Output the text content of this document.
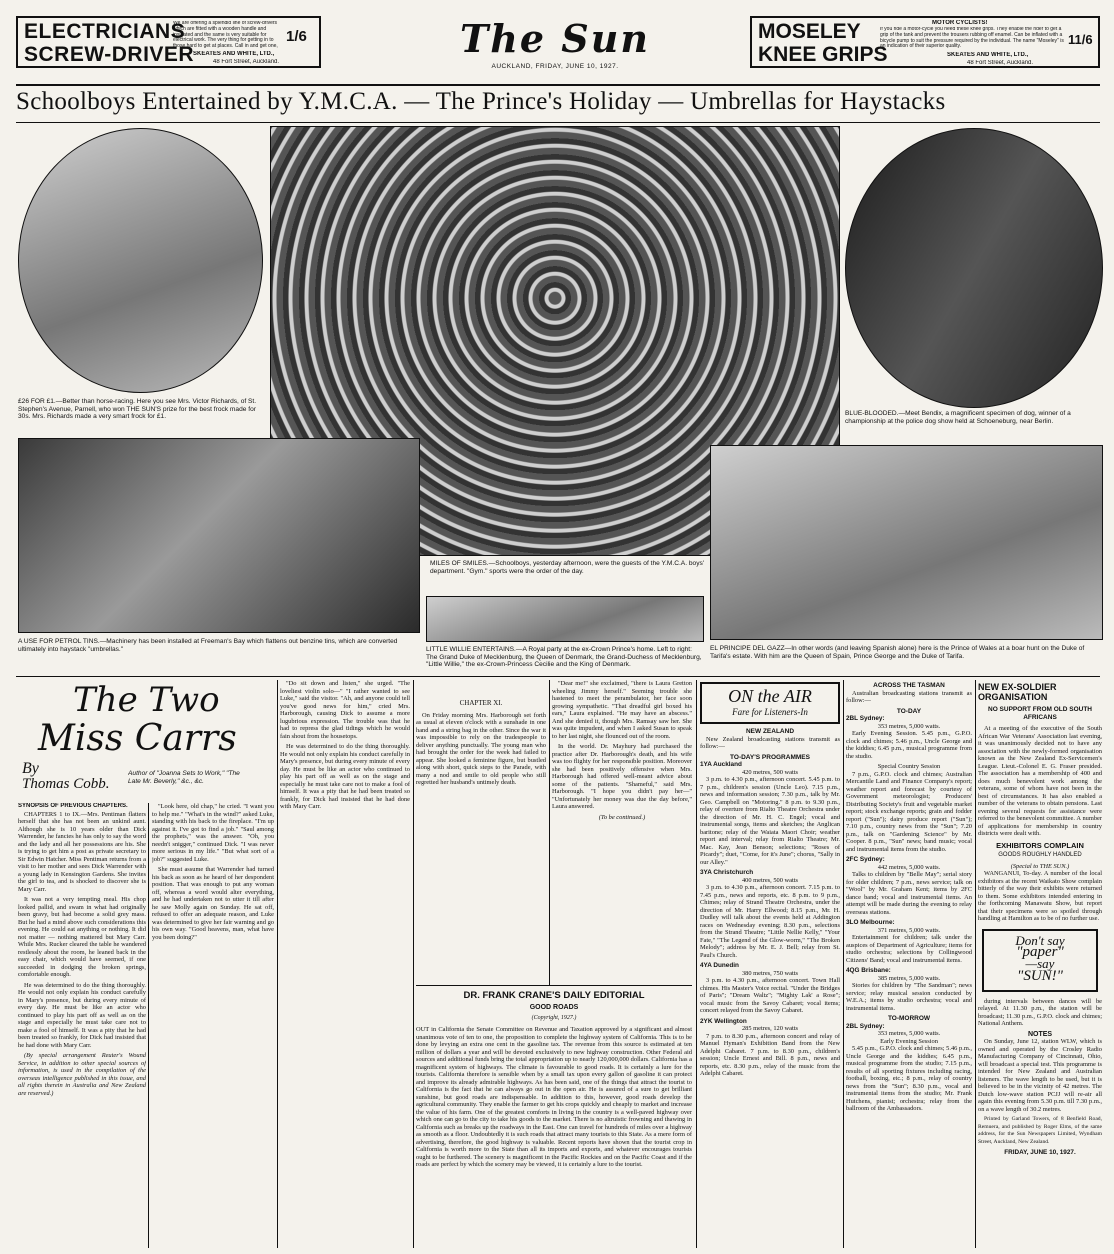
ELECTRICIANS
SCREW-DRIVER
We are offering a splendid line of screw-drivers which are fitted with a wooden handle and insulated and the same is very suitable for electrical work. The very thing for getting in to those hard to get at places. Call in and get one,
1/6
SKEATES AND WHITE, LTD.,
48 Fort Street, Auckland.
The Sun
AUCKLAND, FRIDAY, JUNE 10, 1927.
MOSELEY
KNEE GRIPS
MOTOR CYCLISTS!
If you ride a motor-cycle you need these knee grips. They enable the rider to get a grip of the tank and prevent the trousers rubbing off enamel. Can be inflated with a bicycle pump to suit the pressure required by the individual. The name "Moseley" is an indication of their superior quality.	11/6
SKEATES AND WHITE, LTD.,
48 Fort Street, Auckland.
Schoolboys Entertained by Y.M.C.A. — The Prince's Holiday — Umbrellas for Haystacks
£26 FOR £1.—Better than horse-racing. Here you see Mrs. Victor Richards, of St. Stephen's Avenue, Parnell, who won THE SUN'S prize for the best frock made for 30s. Mrs. Richards made a very smart frock for £1.
MILES OF SMILES.—Schoolboys, yesterday afternoon, were the guests of the Y.M.C.A. boys' department. "Gym." sports were the order of the day.
BLUE-BLOODED.—Meet Bendix, a magnificent specimen of dog, winner of a championship at the police dog show held at Schoeneburg, near Berlin.
A USE FOR PETROL TINS.—Machinery has been installed at Freeman's Bay which flattens out benzine tins, which are converted ultimately into haystack "umbrellas."	LITTLE WILLIE ENTERTAINS.—A Royal party at the ex-Crown Prince's home. Left to right: The Grand Duke of Mecklenburg, the Queen of Denmark, the Grand-Duchess of Mecklenburg, "Little Willie," the ex-Crown-Princess Cecilie and the King of Denmark.
EL PRINCIPE DEL GAZZ—In other words (and leaving Spanish alone) here is the Prince of Wales at a boar hunt on the Duke of Tarifa's estate. With him are the Queen of Spain, Prince George and the Duke of Tarifa.
The Two
Miss Carrs
By
Thomas Cobb.
Author of "Joanna Sets to Work," "The Late Mr. Beverly," &c., &c.
SYNOPSIS OF PREVIOUS CHAPTERS.

CHAPTERS 1 to IX.—Mrs. Pentiman flatters herself that she has not been an unkind aunt. Although she is 10 years older than Dick Warrender, he fancies he has only to say the word and the lady and all her possessions are his. She is trying to get him a post as private secretary to Sir Edwin Hatcher. Miss Pentiman returns from a visit to her mother and sees Dick Warrender with a young lady in Kensington Gardens. She invites the girl to tea, and is shocked to discover she is Mary Carr.

It was not a very tempting meal. His chop looked pallid, and swam in what had originally been gravy, but had become a solid grey mass. But he had a mind above such considerations this evening. He could eat anything or nothing. It did not matter — nothing mattered but Mary Carr. While Mrs. Rucker cleared the table he wandered restlessly about the room, he leaned back in the easy chair, which would have seemed, if one succeeded in dodging the broken springs, comfortable enough.

He was determined to do the thing thoroughly. He would not only explain his conduct carefully in Mary's presence, but during every minute of every day. He must be like an actor who continued to play his part off as well as on the stage and especially he must take care not to make a fool of himself. It was a pity that he had been treated so frankly, for Dick had insisted that he had done with Mary Carr.

(By special arrangement Reuter's Wound Service, in addition to other special sources of information, is used in the compilation of the overseas intelligence published in this issue, and all rights therein in Australia and New Zealand are reserved.)

"Look here, old chap," he cried. "I want you to help me." "What's in the wind?" asked Luke, standing with his back to the fireplace. "I'm up against it. I've got to find a job." "Saul among the prophets," was the answer. "Oh, you needn't snigger," continued Dick. "I was never more serious in my life." "But what sort of a job?" suggested Luke.

She must assume that Warrender had turned his back as soon as he heard of her despondent position. That was enough to put any woman off, whereas a word would alter everything, and he had undertaken not to utter it till after he saw Molly again on Sunday. He sat off, refused to offer an adequate reason, and Luke was determined to give her fair warning and go his own way. "Good heavens, man, what have you been doing?"

"Do sit down and listen," she urged. "The loveliest violin solo—" "I rather wanted to see Luke," said the visitor. "Ah, and anyone could tell you've good news for him," cried Mrs. Harborough, causing Dick to assume a more lugubrious expression. The trouble was that he had to repress the glad tidings which he would fain shout from the housetops.

He was determined to do the thing thoroughly. He would not only explain his conduct carefully in Mary's presence, but during every minute of every day. He must be like an actor who continued to play his part off as well as on the stage and especially he must take care not to make a fool of himself. It was a pity that he had been treated so frankly, for Dick had insisted that he had done with Mary Carr.

CHAPTER XI.

On Friday morning Mrs. Harborough set forth as usual at eleven o'clock with a sunshade in one hand and a string bag in the other. Since the war it was impossible to rely on the tradespeople to deliver anything punctually. The young man who had brought the order for the week had failed to appear. She looked a feminine figure, but bustled along with short, quick steps to the Parade, with many a nod and smile to old people who still regretted her husband's untimely death.

"Dear me!" she exclaimed, "there is Laura Gretton wheeling Jimmy herself." Seeming trouble she hastened to meet the perambulator, her face soon growing sympathetic. "That dreadful girl boxed his ears," Laura explained. "He may have an abscess." And she denied it, though Mrs. Ramsay saw her. She was quite impudent, and when I asked Susan to speak to her last night, she flounced out of the room.

In the world. Dr. Mayhury had purchased the practice after Dr. Harborough's death, and his wife was too flighty for her responsible position. Moreover she had been positively offensive when Mrs. Harborough had offered well-meant advice about some of the patients. "Shameful," said Mrs. Harborough. "I hope you didn't pay her—" "Unfortunately her money was due the day before," Laura answered.

(To be continued.)
DR. FRANK CRANE'S DAILY EDITORIAL
GOOD ROADS
(Copyright, 1927.)
OUT in California the Senate Committee on Revenue and Taxation approved by a significant and almost unanimous vote of ten to one, the proposition to complete the highway system of California. This is to be done by levying an extra one cent in the gasoline tax. The revenue from this source is estimated at ten million of dollars a year and will be devoted exclusively to new highway construction. Other Federal aid sources and additional funds bring the total appropriation up to nearly 120,000,000 dollars. California has a magnificent system of highways. The climate is favourable to good roads. It is certainly a lure for the tourists. California therefore is sensible when by a small tax upon every gallon of gasoline it can protect and improve its already admirable highways. As has been said, one of the things that attract the tourist to California is the fact that he can always go out in the open air. He is assured of a sure to get brilliant sunshine, but good roads are indispensable. In addition to this, however, good roads develop the agricultural community. They enable the farmer to get his crops quickly and cheaply to market and increase the value of his farm. One of the greatest comforts in living in the country is a well-paved highway over which one can go to the city to take his goods to the market. There is no altruistic frowning and thawing in California such as breaks up the roadways in the East. One can travel for hundreds of miles over a highway as smooth as a floor. Undoubtedly it is such roads that attract many tourists to this State. As a mere form of advertising, therefore, the good highway is valuable. Recent reports have shown that the tourist crop in California is worth more to the State than all its imports and exports, and whatever encourages tourists ought to be furthered. The scenery is magnificent in the Pacific Rockies and on the Pacific Coast and if the roads are perfect by which the scenery may be viewed, it is certainly a lure to the tourist.
ON the AIR
Fare for Listeners-In
NEW ZEALAND

New Zealand broadcasting stations transmit as follow:—

TO-DAY'S PROGRAMMES
1YA Auckland
420 metres, 500 watts

3 p.m. to 4.30 p.m., afternoon concert. 5.45 p.m. to 7 p.m., children's session (Uncle Leo). 7.15 p.m., news and information session; 7.30 p.m., talk by Mr. Geo. Campbell on "Motoring." 8 p.m. to 9.30 p.m., relay of overture from Rialto Theatre Orchestra under the direction of Mr. H. C. Engel; vocal and instrumental songs, items and sketches; the Anglican baritone; relay of the Waiata Maori Choir; weather report and interval; relay from Rialto Theatre; Mr. Mac. Kay, Jean Benson; selections; "Roses of Picardy"; duet, "Come, for it's June"; chorus, "Sally in our Alley."

3YA Christchurch
400 metres, 500 watts

3 p.m. to 4.30 p.m., afternoon concert. 7.15 p.m. to 7.45 p.m., news and reports, etc. 8 p.m. to 9 p.m., Chimes; relay of Strand Theatre Orchestra, under the direction of Mr. Harry Ellwood; 8.15 p.m., Mr. H. Dudley will talk about the events held at Addington races on Wednesday evening; 8.30 p.m., selections from the Strand Theatre; "Little Nellie Kelly," "Your Fate," "The Legend of the Glow-worm," "The Broken Melody"; address by Mr. E. J. Bell; relay from St. Paul's Church.

4YA Dunedin
380 metres, 750 watts

3 p.m. to 4.30 p.m., afternoon concert. Town Hall chimes. His Master's Voice recital. "Under the Bridges of Paris"; "Dream Waltz"; "Mighty Lak' a Rose"; vocal music from the Savoy Cabaret; vocal items; concert relayed from the Savoy Cabaret.

2YK Wellington
285 metres, 120 watts

7 p.m. to 8.30 p.m., afternoon concert and relay of Manuel Hyman's Exhibition Band from the New Adelphi Cabaret. 7 p.m. to 8.30 p.m., children's session; Uncle Ernest and Bill. 8 p.m., news and reports, etc. 8.30 p.m., relay of the music from the Adelphi Cabaret.

ACROSS THE TASMAN

Australian broadcasting stations transmit as follow:—

TO-DAY
2BL Sydney:
353 metres, 5,000 watts.

Early Evening Session. 5.45 p.m., G.P.O. clock and chimes; 5.46 p.m., Uncle George and the kiddies; 6.45 p.m., musical programme from the studio.

Special Country Session

7 p.m., G.P.O. clock and chimes; Australian Mercantile Land and Finance Company's report; weather report and forecast by courtesy of Government meteorologist; Producers' Distributing Society's fruit and vegetable market report; stock exchange reports; grain and fodder report ("Sun"); dairy produce report ("Sun"); 7.10 p.m., country news from the "Sun"; 7.20 p.m., talk on "Gardening Science" by Mr. Cooper. 8 p.m., "Sun" news; band music; vocal and instrumental items from the studio.

2FC Sydney:
442 metres, 5,000 watts.

Talks to children by "Belle May"; serial story for older children; 7 p.m., news service; talk on "Wool" by Mr. Graham Kent; items by 2FC dance band; vocal and instrumental items. An attempt will be made during the evening to relay overseas stations.

3LO Melbourne:
371 metres, 5,000 watts.

Entertainment for children; talk under the auspices of Department of Agriculture; items for studio orchestra; selections by Collingwood Citizens' Band; vocal and instrumental items.

4QG Brisbane:
385 metres, 5,000 watts.

Stories for children by "The Sandman"; news service; relay musical session conducted by W.E.A.; items by studio orchestra; vocal and instrumental items.

TO-MORROW
2BL Sydney:
353 metres, 5,000 watts.
Early Evening Session

5.45 p.m., G.P.O. clock and chimes; 5.46 p.m., Uncle George and the kiddies; 6.45 p.m., musical programme from the studio; 7.15 p.m., results of all sporting fixtures including racing, football, boxing, etc.; 8 p.m., relay of country news from the "Sun"; 8.30 p.m., vocal and instrumental items from the studio; Mr. Frank Hutchens, pianist; orchestra; relay from the ballroom of the Ambassadors.

NEW EX-SOLDIER ORGANISATION
NO SUPPORT FROM OLD SOUTH AFRICANS

At a meeting of the executive of the South African War Veterans' Association last evening, it was unanimously decided not to have any association with the newly-formed organisation known as the New Zealand Ex-Servicemen's League. Lieut.-Colonel E. G. Fraser presided. The association has a membership of 400 and does much benevolent work among the veterans, some of whom have not been in the best of circumstances. It has also enabled a number of the veterans to obtain pensions. Last evening several requests for assistance were referred to the benevolent committee. A number of applications for membership in country districts were dealt with.

EXHIBITORS COMPLAIN
GOODS ROUGHLY HANDLED
(Special to THE SUN.)

WANGANUI, To-day. A number of the local exhibitors at the recent Waikato Show complain bitterly of the way their exhibits were returned to them. Some exhibitors intended entering in the forthcoming Manawatu Show, but report that their specimens were so spoiled through handling at Hamilton as to be of no further use.

Don't say
"paper"
—say
"SUN!"

during intervals between dances will be relayed. At 11.30 p.m., the station will be broadcast; 11.30 p.m., G.P.O. clock and chimes; National Anthem.

NOTES

On Sunday, June 12, station WLW, which is owned and operated by the Crosley Radio Manufacturing Company of Cincinnati, Ohio, will broadcast a special test. This programme is intended for New Zealand and Australian listeners. The wave length to be used, but it is believed to be in the vicinity of 42 metres. The Dutch low-wave station PCJJ will re-air all again this evening from 5.30 p.m. till 7.30 p.m., on a wave length of 30.2 metres.

Printed by Garland Towers, of 8 Benfield Road, Remuera, and published by Roger Elms, of the same address, for the Sun Newspapers Limited, Wyndham Street, Auckland, New Zealand.

FRIDAY, JUNE 10, 1927.
